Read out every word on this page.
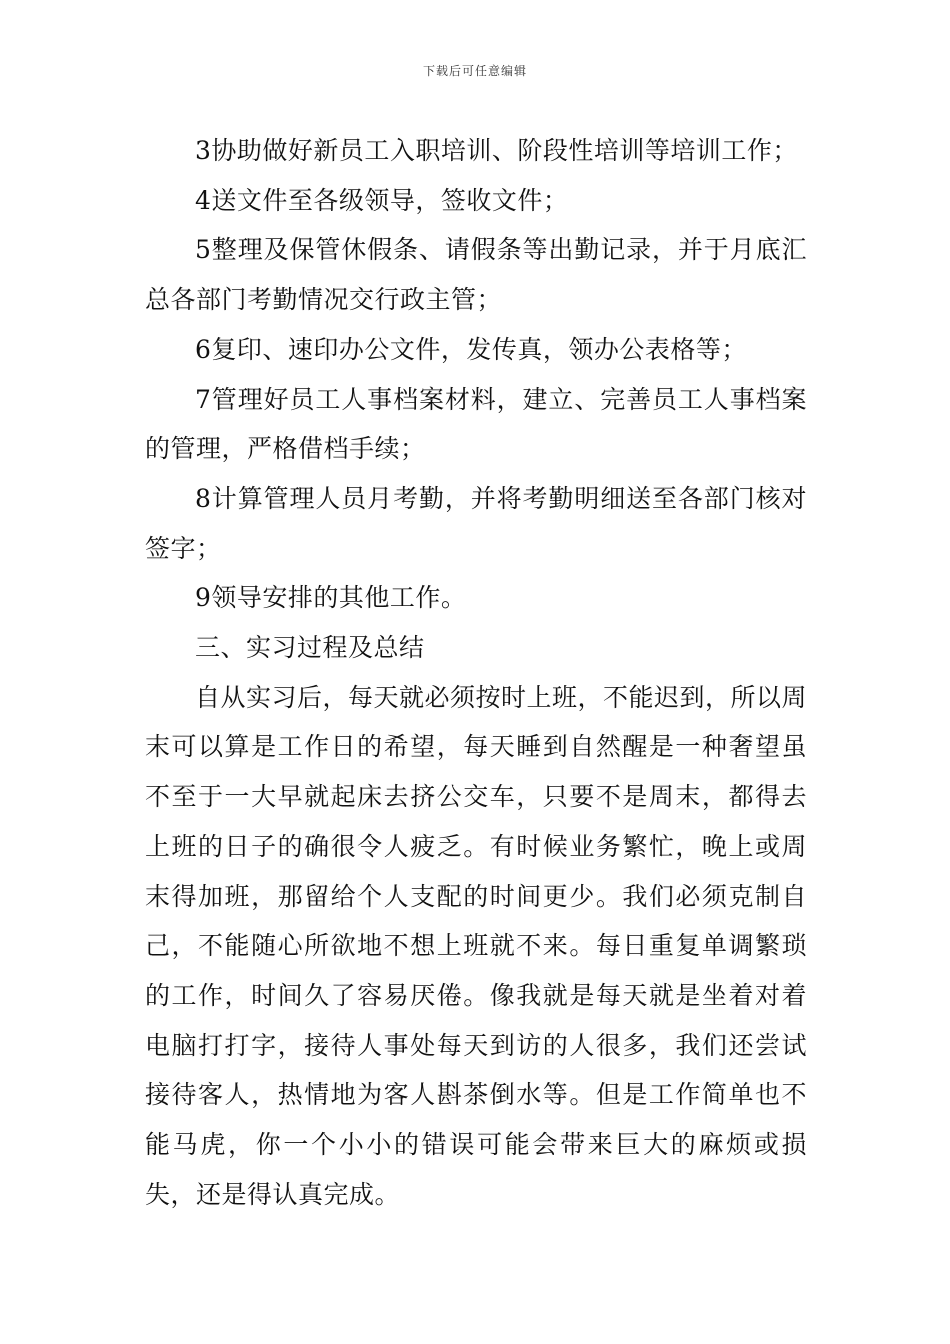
下载后可任意编辑

3协助做好新员工入职培训、阶段性培训等培训工作；

4送文件至各级领导，签收文件；

5整理及保管休假条、请假条等出勤记录，并于月底汇总各部门考勤情况交行政主管；

6复印、速印办公文件，发传真，领办公表格等；

7管理好员工人事档案材料，建立、完善员工人事档案的管理，严格借档手续；

8计算管理人员月考勤，并将考勤明细送至各部门核对签字；

9领导安排的其他工作。

三、实习过程及总结

自从实习后，每天就必须按时上班，不能迟到，所以周末可以算是工作日的希望，每天睡到自然醒是一种奢望虽不至于一大早就起床去挤公交车，只要不是周末，都得去上班的日子的确很令人疲乏。有时候业务繁忙，晚上或周末得加班，那留给个人支配的时间更少。我们必须克制自己，不能随心所欲地不想上班就不来。每日重复单调繁琐的工作，时间久了容易厌倦。像我就是每天就是坐着对着电脑打打字，接待人事处每天到访的人很多，我们还尝试接待客人，热情地为客人斟茶倒水等。但是工作简单也不能马虎，你一个小小的错误可能会带来巨大的麻烦或损失，还是得认真完成。
